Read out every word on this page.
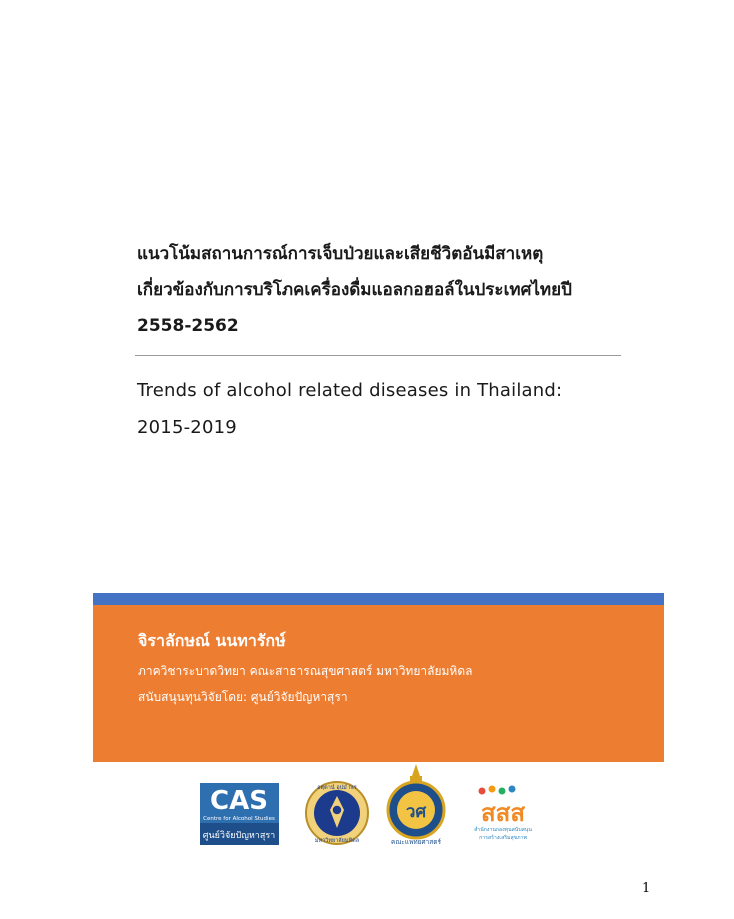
แนวโน้มสถานการณ์การเจ็บป่วยและเสียชีวิตอันมีสาเหตุ
เกี่ยวข้องกับการบริโภคเครื่องดื่มแอลกอฮอล์ในประเทศไทยปี
2558-2562
Trends of alcohol related diseases in Thailand:
2015-2019
จิราลักษณ์ นนทารักษ์
ภาควิชาระบาดวิทยา คณะสาธารณสุขศาสตร์ มหาวิทยาลัยมหิดล
สนับสนุนทุนวิจัยโดย: ศูนย์วิจัยปัญหาสุรา
CAS
Centre for Alcohol Studies
ศูนย์วิจัยปัญหาสุรา
อตฺตานํ อุปมํ กเร
มหาวิทยาลัยมหิดล
วศ
คณะแพทยศาสตร์
สสส
สำนักงานกองทุนสนับสนุน
การสร้างเสริมสุขภาพ
1
